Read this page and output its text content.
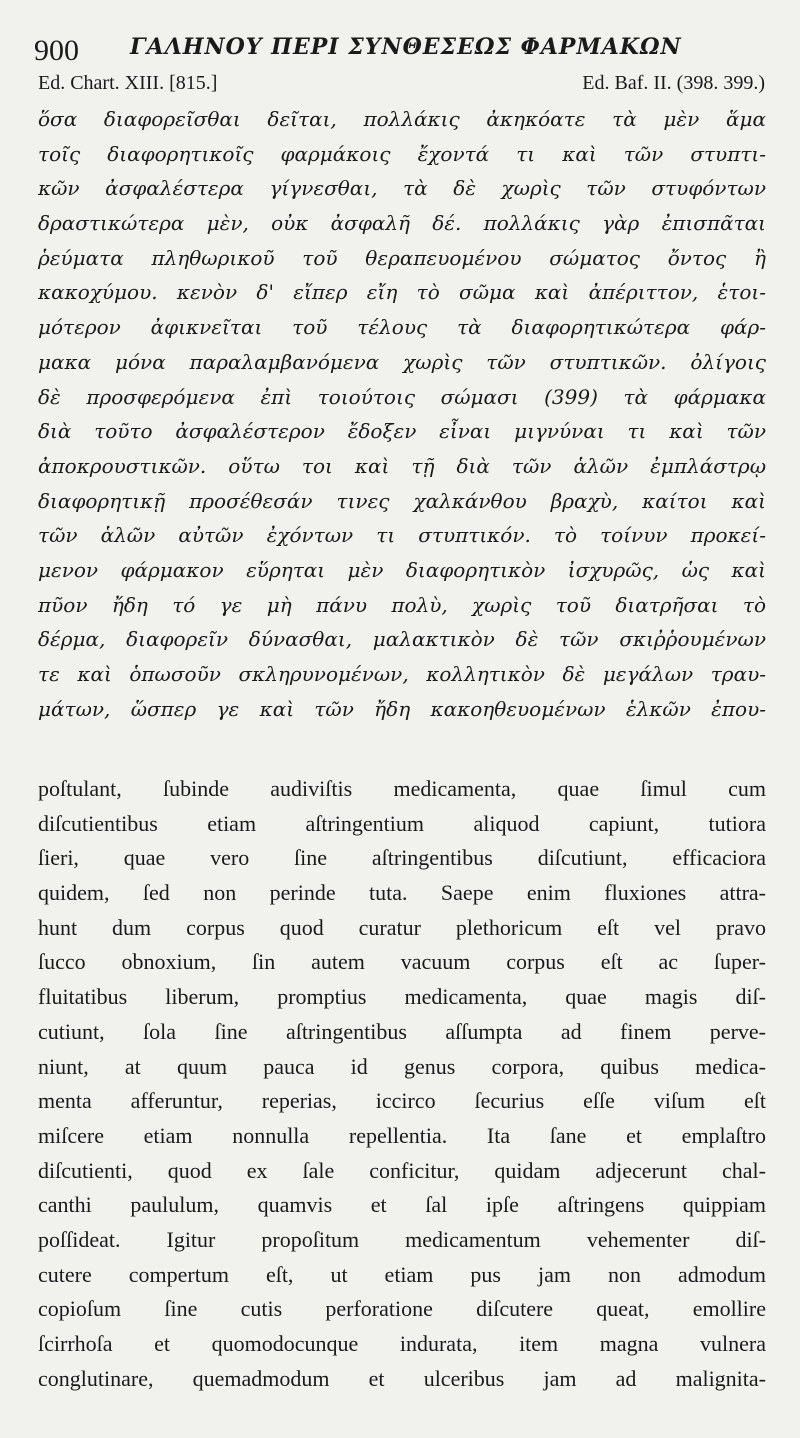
900 ΓΑΛΗΝΟΥ ΠΕΡΙ ΣΥΝΘΕΣΕΩΣ ΦΑΡΜΑΚΩΝ
Ed. Chart. XIII. [815.]	Ed. Baf. II. (398. 399.)
ὅσα διαφορεῖσθαι δεῖται, πολλάκις ἀκηκόατε τὰ μὲν ἅμα
τοῖς διαφορητικοῖς φαρμάκοις ἔχοντά τι καὶ τῶν στυπτι-
κῶν ἀσφαλέστερα γίγνεσθαι, τὰ δὲ χωρὶς τῶν στυφόντων
δραστικώτερα μὲν, οὐκ ἀσφαλῆ δέ. πολλάκις γὰρ ἐπισπᾶται
ῥεύματα πληθωρικοῦ τοῦ θεραπευομένου σώματος ὄντος ἢ
κακοχύμου. κενὸν δ' εἴπερ εἴη τὸ σῶμα καὶ ἀπέριττον, ἑτοι-
μότερον ἀφικνεῖται τοῦ τέλους τὰ διαφορητικώτερα φάρ-
μακα μόνα παραλαμβανόμενα χωρὶς τῶν στυπτικῶν. ὀλίγοις
δὲ προσφερόμενα ἐπὶ τοιούτοις σώμασι (399) τὰ φάρμακα
διὰ τοῦτο ἀσφαλέστερον ἔδοξεν εἶναι μιγνύναι τι καὶ τῶν
ἀποκρουστικῶν. οὕτω τοι καὶ τῇ διὰ τῶν ἁλῶν ἐμπλάστρῳ
διαφορητικῇ προσέθεσάν τινες χαλκάνθου βραχὺ, καίτοι καὶ
τῶν ἁλῶν αὐτῶν ἐχόντων τι στυπτικόν. τὸ τοίνυν προκεί-
μενον φάρμακον εὕρηται μὲν διαφορητικὸν ἰσχυρῶς, ὡς καὶ
πῦον ἤδη τό γε μὴ πάνυ πολὺ, χωρὶς τοῦ διατρῆσαι τὸ
δέρμα, διαφορεῖν δύνασθαι, μαλακτικὸν δὲ τῶν σκιῤῥουμένων
τε καὶ ὁπωσοῦν σκληρυνομένων, κολλητικὸν δὲ μεγάλων τραυ-
μάτων, ὥσπερ γε καὶ τῶν ἤδη κακοηθευομένων ἑλκῶν ἐπου-
poſtulant, ſubinde audiviſtis medicamenta, quae ſimul cum
diſcutientibus etiam aſtringentium aliquod capiunt, tutiora
ſieri, quae vero ſine aſtringentibus diſcutiunt, efficaciora
quidem, ſed non perinde tuta. Saepe enim fluxiones attra-
hunt dum corpus quod curatur plethoricum eſt vel pravo
ſucco obnoxium, ſin autem vacuum corpus eſt ac ſuper-
fluitatibus liberum, promptius medicamenta, quae magis diſ-
cutiunt, ſola ſine aſtringentibus aſſumpta ad finem perve-
niunt, at quum pauca id genus corpora, quibus medica-
menta afferuntur, reperias, iccirco ſecurius eſſe viſum eſt
miſcere etiam nonnulla repellentia. Ita ſane et emplaſtro
diſcutienti, quod ex ſale conficitur, quidam adjecerunt chal-
canthi paululum, quamvis et ſal ipſe aſtringens quippiam
poſſideat. Igitur propoſitum medicamentum vehementer diſ-
cutere compertum eſt, ut etiam pus jam non admodum
copioſum ſine cutis perforatione diſcutere queat, emollire
ſcirrhoſa et quomodocunque indurata, item magna vulnera
conglutinare, quemadmodum et ulceribus jam ad malignita-
